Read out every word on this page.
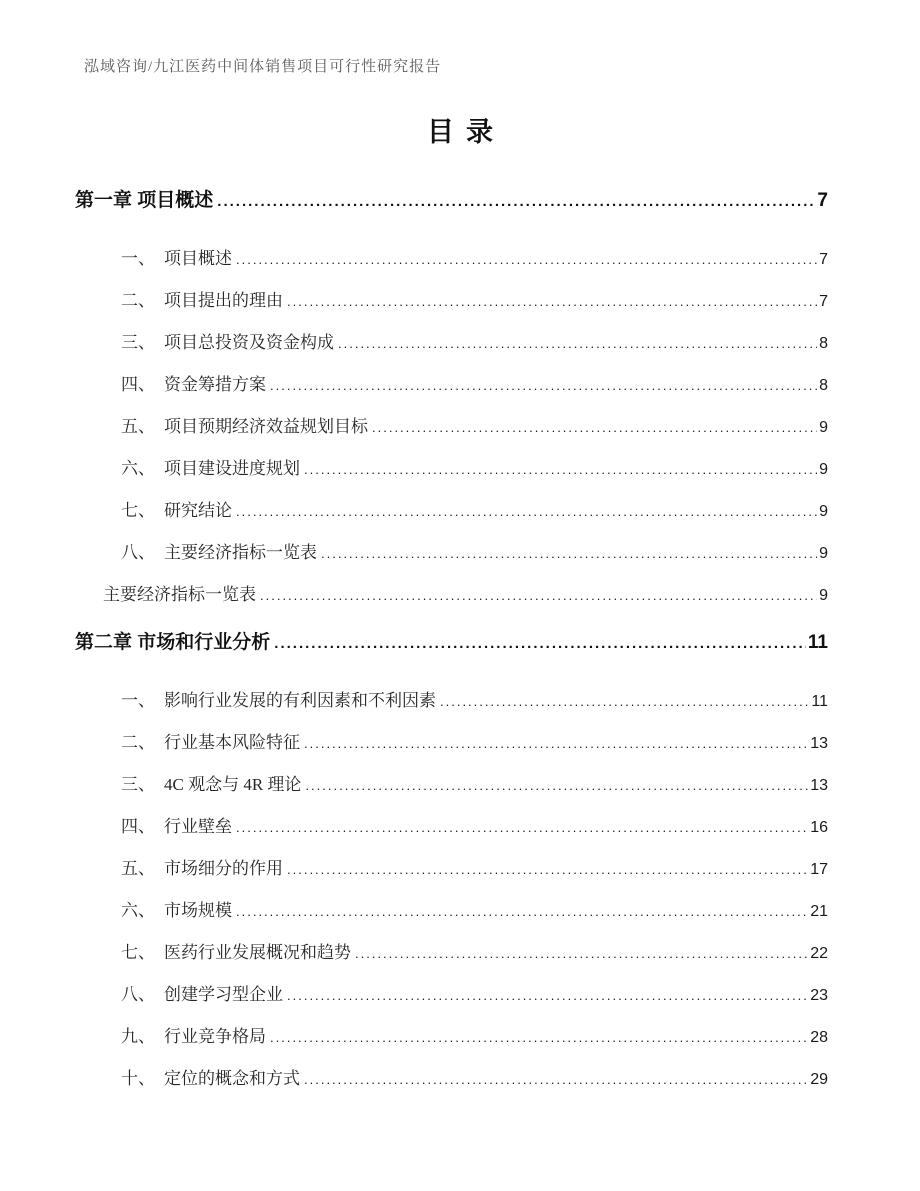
泓域咨询/九江医药中间体销售项目可行性研究报告
目录
第一章 项目概述 .....	7
一、 项目概述 .....	7
二、 项目提出的理由 .....	7
三、 项目总投资及资金构成 .....	8
四、 资金筹措方案 .....	8
五、 项目预期经济效益规划目标 .....	9
六、 项目建设进度规划 .....	9
七、 研究结论 .....	9
八、 主要经济指标一览表 .....	9
主要经济指标一览表 .....	9
第二章 市场和行业分析 .....	11
一、 影响行业发展的有利因素和不利因素 .....	11
二、 行业基本风险特征 .....	13
三、 4C 观念与 4R 理论 .....	13
四、 行业壁垒 .....	16
五、 市场细分的作用 .....	17
六、 市场规模 .....	21
七、 医药行业发展概况和趋势 .....	22
八、 创建学习型企业 .....	23
九、 行业竞争格局 .....	28
十、 定位的概念和方式 .....	29
